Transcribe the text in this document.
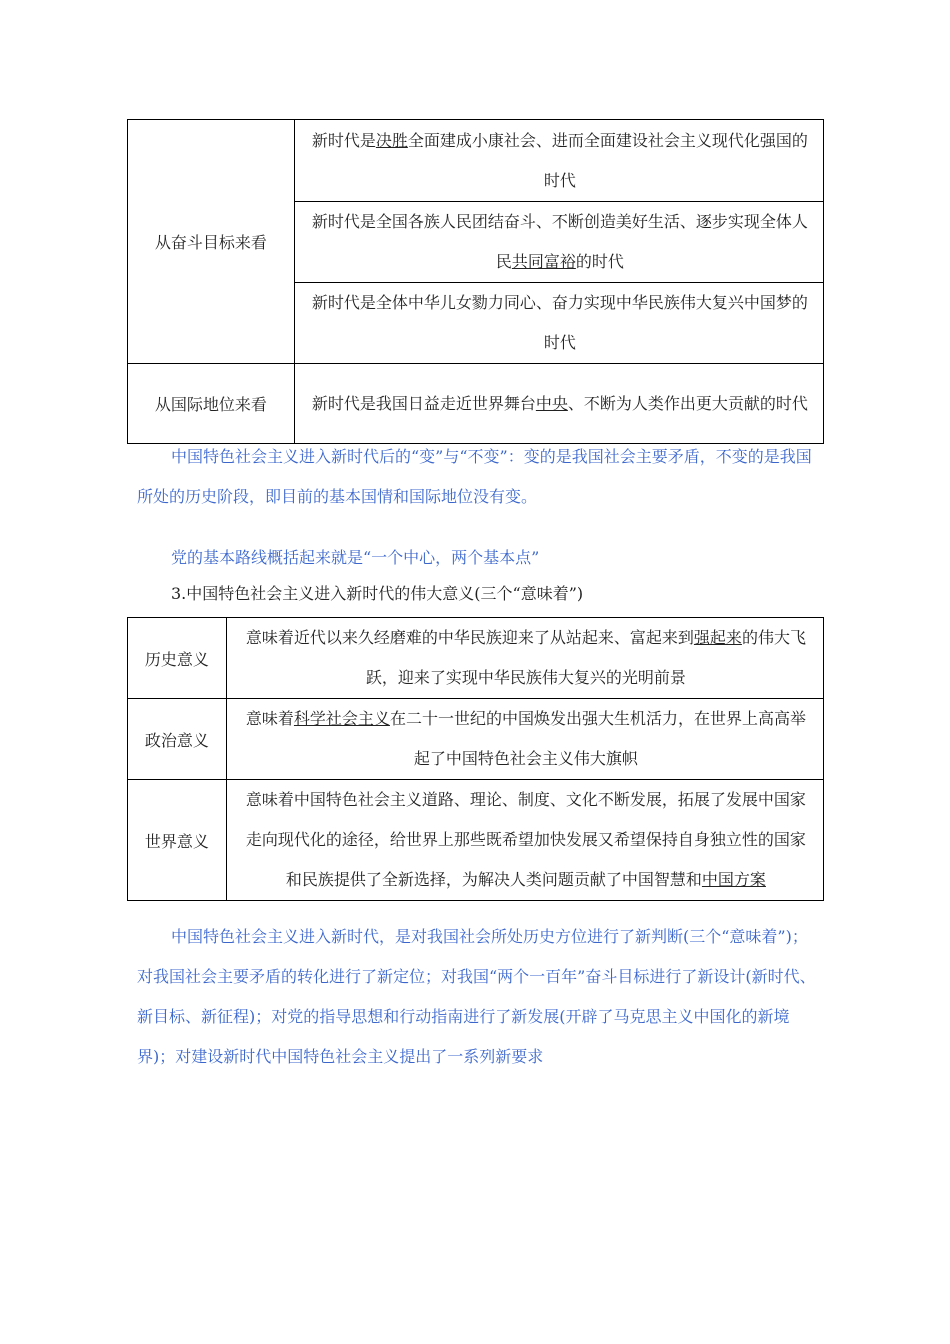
从奋斗目标来看	新时代是决胜全面建成小康社会、进而全面建设社会主义现代化强国的时代
	新时代是全国各族人民团结奋斗、不断创造美好生活、逐步实现全体人民共同富裕的时代
	新时代是全体中华儿女勠力同心、奋力实现中华民族伟大复兴中国梦的时代
从国际地位来看	新时代是我国日益走近世界舞台中央、不断为人类作出更大贡献的时代

中国特色社会主义进入新时代后的“变”与“不变”：变的是我国社会主要矛盾，不变的是我国所处的历史阶段，即目前的基本国情和国际地位没有变。

党的基本路线概括起来就是“一个中心，两个基本点”

3.中国特色社会主义进入新时代的伟大意义(三个“意味着”)

历史意义	意味着近代以来久经磨难的中华民族迎来了从站起来、富起来到强起来的伟大飞跃，迎来了实现中华民族伟大复兴的光明前景
政治意义	意味着科学社会主义在二十一世纪的中国焕发出强大生机活力，在世界上高高举起了中国特色社会主义伟大旗帜
世界意义	意味着中国特色社会主义道路、理论、制度、文化不断发展，拓展了发展中国家走向现代化的途径，给世界上那些既希望加快发展又希望保持自身独立性的国家和民族提供了全新选择，为解决人类问题贡献了中国智慧和中国方案

中国特色社会主义进入新时代，是对我国社会所处历史方位进行了新判断(三个“意味着”)；对我国社会主要矛盾的转化进行了新定位；对我国“两个一百年”奋斗目标进行了新设计(新时代、新目标、新征程)；对党的指导思想和行动指南进行了新发展(开辟了马克思主义中国化的新境界)；对建设新时代中国特色社会主义提出了一系列新要求
